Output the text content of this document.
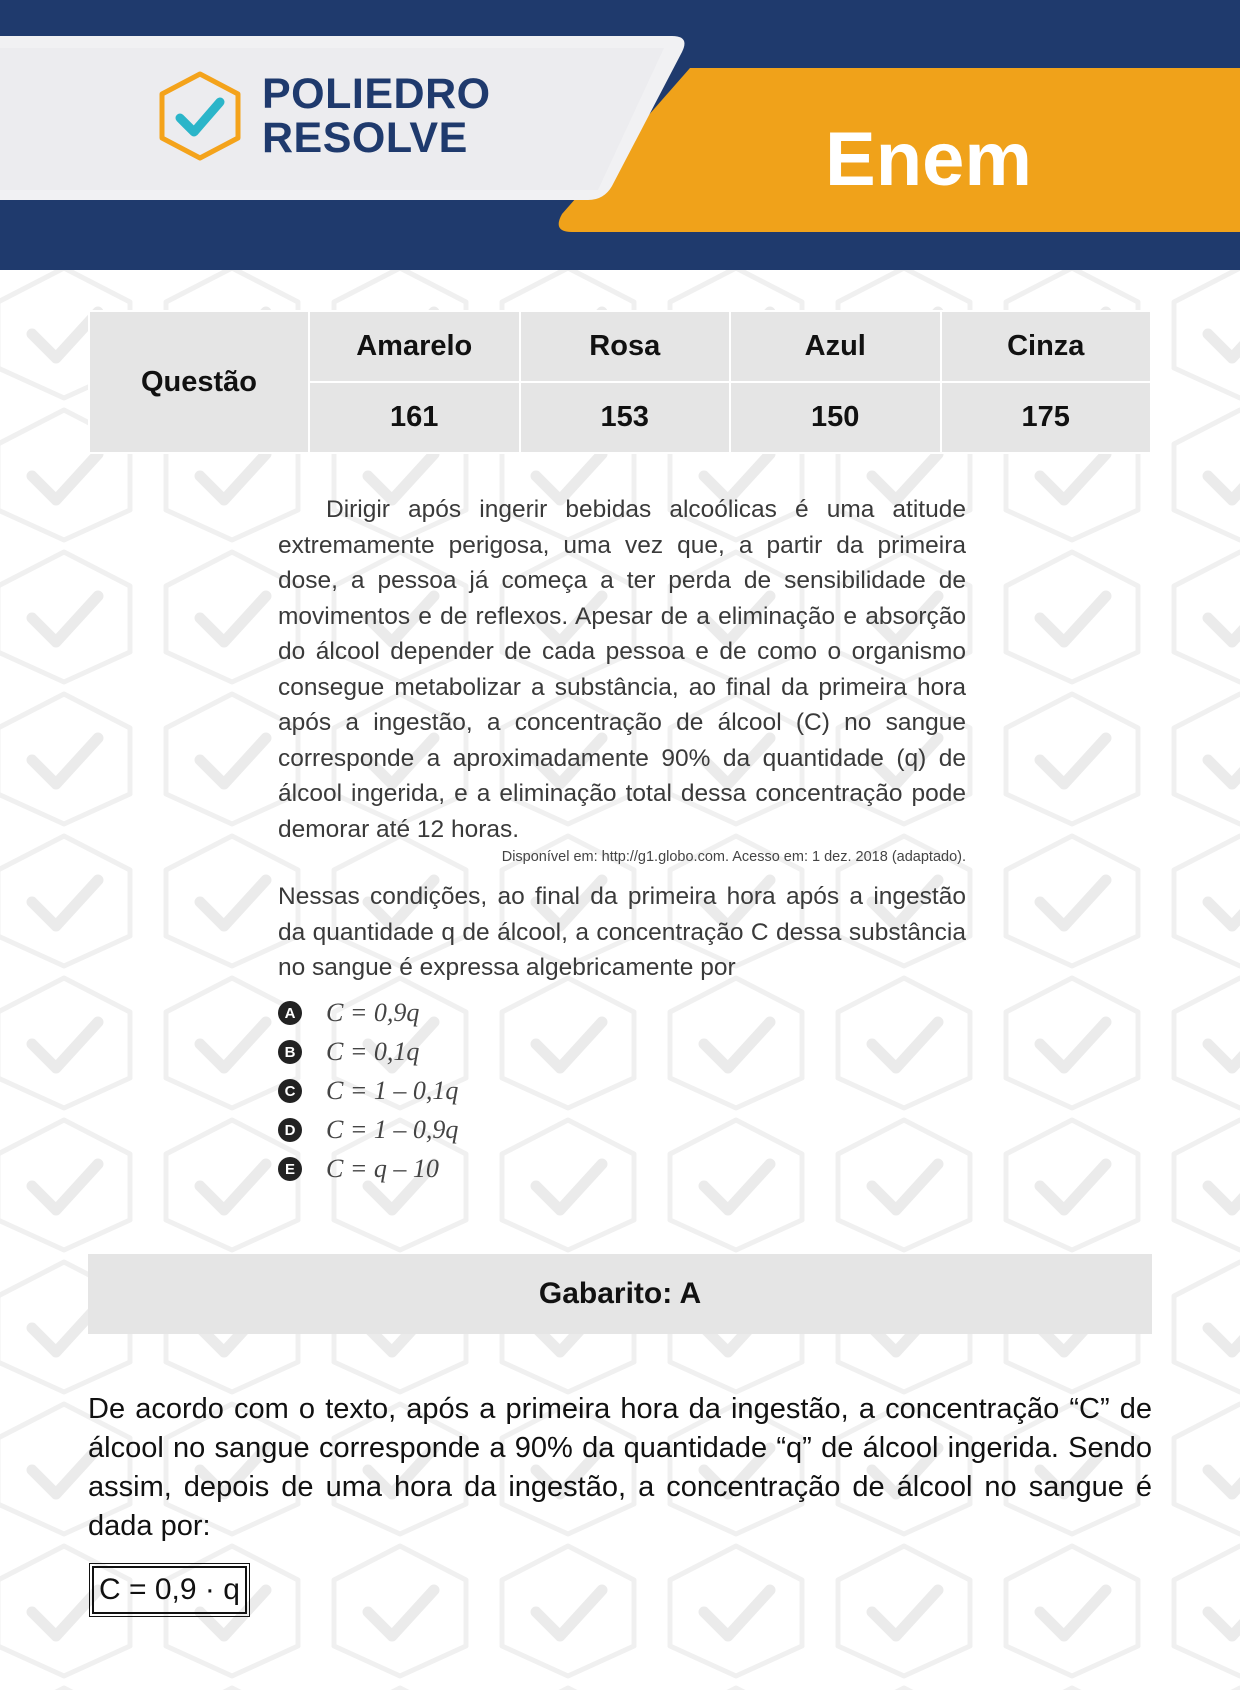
POLIEDRO
RESOLVE	Enem
Questão	Amarelo	Rosa	Azul	Cinza
	161	153	150	175

Dirigir após ingerir bebidas alcoólicas é uma atitude extremamente perigosa, uma vez que, a partir da primeira dose, a pessoa já começa a ter perda de sensibilidade de movimentos e de reflexos. Apesar de a eliminação e absorção do álcool depender de cada pessoa e de como o organismo consegue metabolizar a substância, ao final da primeira hora após a ingestão, a concentração de álcool (C) no sangue corresponde a aproximadamente 90% da quantidade (q) de álcool ingerida, e a eliminação total dessa concentração pode demorar até 12 horas.

Disponível em: http://g1.globo.com. Acesso em: 1 dez. 2018 (adaptado).

Nessas condições, ao final da primeira hora após a ingestão da quantidade q de álcool, a concentração C dessa substância no sangue é expressa algebricamente por

A C = 0,9q
B C = 0,1q
C C = 1 – 0,1q
D C = 1 – 0,9q
E C = q – 10
Gabarito: A

De acordo com o texto, após a primeira hora da ingestão, a concentração “C” de álcool no sangue corresponde a 90% da quantidade “q” de álcool ingerida. Sendo assim, depois de uma hora da ingestão, a concentração de álcool no sangue é dada por:

C = 0,9 · q
